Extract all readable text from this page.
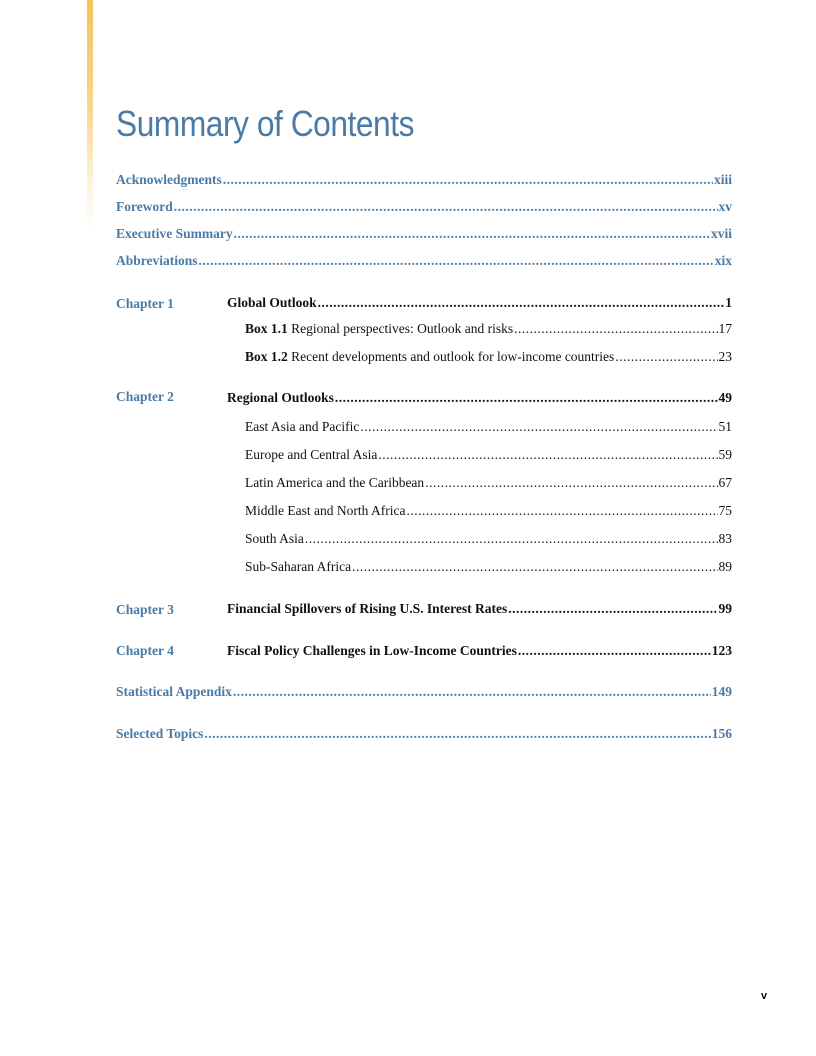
Summary of Contents
Acknowledgments .....	xiii
Foreword .....	xv
Executive Summary .....	xvii
Abbreviations .....	xix
Chapter 1	Global Outlook .....	1
Box 1.1 Regional perspectives: Outlook and risks .....	17
Box 1.2 Recent developments and outlook for low-income countries .....	23
Chapter 2	Regional Outlooks .....	49
East Asia and Pacific .....	51
Europe and Central Asia .....	59
Latin America and the Caribbean .....	67
Middle East and North Africa .....	75
South Asia .....	83
Sub-Saharan Africa .....	89
Chapter 3	Financial Spillovers of Rising U.S. Interest Rates .....	99
Chapter 4	Fiscal Policy Challenges in Low-Income Countries .....	123
Statistical Appendix .....	149
Selected Topics .....	156
v
